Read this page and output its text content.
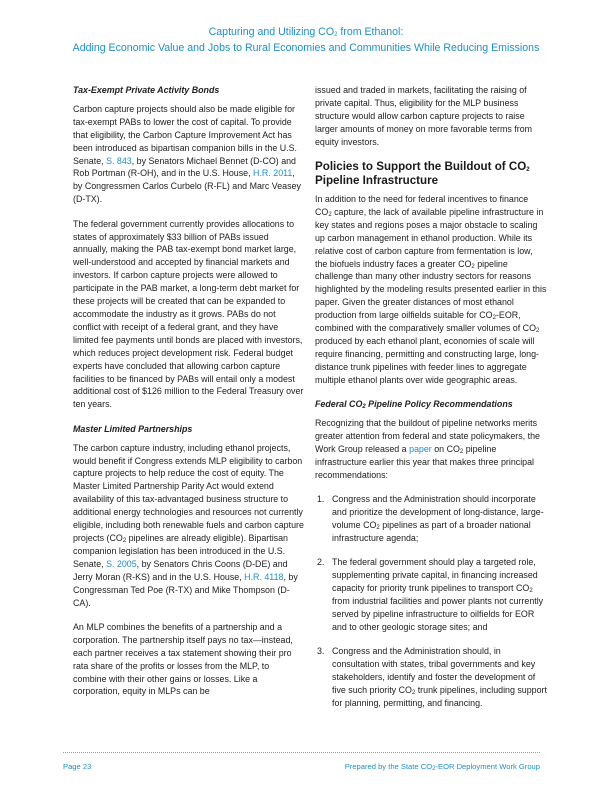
Capturing and Utilizing $CO_2$ from Ethanol:
Adding Economic Value and Jobs to Rural Economies and Communities While Reducing Emissions
Tax-Exempt Private Activity Bonds

Carbon capture projects should also be made eligible for tax-exempt PABs to lower the cost of capital. To provide that eligibility, the Carbon Capture Improvement Act has been introduced as bipartisan companion bills in the U.S. Senate, S. 843, by Senators Michael Bennet (D-CO) and Rob Portman (R-OH), and in the U.S. House, H.R. 2011, by Congressmen Carlos Curbelo (R-FL) and Marc Veasey (D-TX).

The federal government currently provides allocations to states of approximately $33 billion of PABs issued annually, making the PAB tax-exempt bond market large, well-understood and accepted by financial markets and investors. If carbon capture projects were allowed to participate in the PAB market, a long-term debt market for these projects will be created that can be expanded to accommodate the industry as it grows. PABs do not conflict with receipt of a federal grant, and they have limited fee payments until bonds are placed with investors, which reduces project development risk. Federal budget experts have concluded that allowing carbon capture facilities to be financed by PABs will entail only a modest additional cost of $126 million to the Federal Treasury over ten years.

Master Limited Partnerships

The carbon capture industry, including ethanol projects, would benefit if Congress extends MLP eligibility to carbon capture projects to help reduce the cost of equity. The Master Limited Partnership Parity Act would extend availability of this tax-advantaged business structure to additional energy technologies and resources not currently eligible, including both renewable fuels and carbon capture projects ($CO_2$ pipelines are already eligible). Bipartisan companion legislation has been introduced in the U.S. Senate, S. 2005, by Senators Chris Coons (D-DE) and Jerry Moran (R-KS) and in the U.S. House, H.R. 4118, by Congressman Ted Poe (R-TX) and Mike Thompson (D-CA).

An MLP combines the benefits of a partnership and a corporation. The partnership itself pays no tax—instead, each partner receives a tax statement showing their pro rata share of the profits or losses from the MLP, to combine with their other gains or losses. Like a corporation, equity in MLPs can be

issued and traded in markets, facilitating the raising of private capital. Thus, eligibility for the MLP business structure would allow carbon capture projects to raise larger amounts of money on more favorable terms from equity investors.

Policies to Support the Buildout of $CO_2$ Pipeline Infrastructure

In addition to the need for federal incentives to finance $CO_2$ capture, the lack of available pipeline infrastructure in key states and regions poses a major obstacle to scaling up carbon management in ethanol production. While its relative cost of carbon capture from fermentation is low, the biofuels industry faces a greater $CO_2$ pipeline challenge than many other industry sectors for reasons highlighted by the modeling results presented earlier in this paper. Given the greater distances of most ethanol production from large oilfields suitable for $CO_2$-EOR, combined with the comparatively smaller volumes of $CO_2$ produced by each ethanol plant, economies of scale will require financing, permitting and constructing large, long-distance trunk pipelines with feeder lines to aggregate multiple ethanol plants over wide geographic areas.

Federal $CO_2$ Pipeline Policy Recommendations

Recognizing that the buildout of pipeline networks merits greater attention from federal and state policymakers, the Work Group released a paper on $CO_2$ pipeline infrastructure earlier this year that makes three principal recommendations:

1. Congress and the Administration should incorporate and prioritize the development of long-distance, large-volume $CO_2$ pipelines as part of a broader national infrastructure agenda;
2. The federal government should play a targeted role, supplementing private capital, in financing increased capacity for priority trunk pipelines to transport $CO_2$ from industrial facilities and power plants not currently served by pipeline infrastructure to oilfields for EOR and to other geologic storage sites; and
3. Congress and the Administration should, in consultation with states, tribal governments and key stakeholders, identify and foster the development of five such priority $CO_2$ trunk pipelines, including support for planning, permitting, and financing.
Page 23	Prepared by the State $CO_2$-EOR Deployment Work Group
